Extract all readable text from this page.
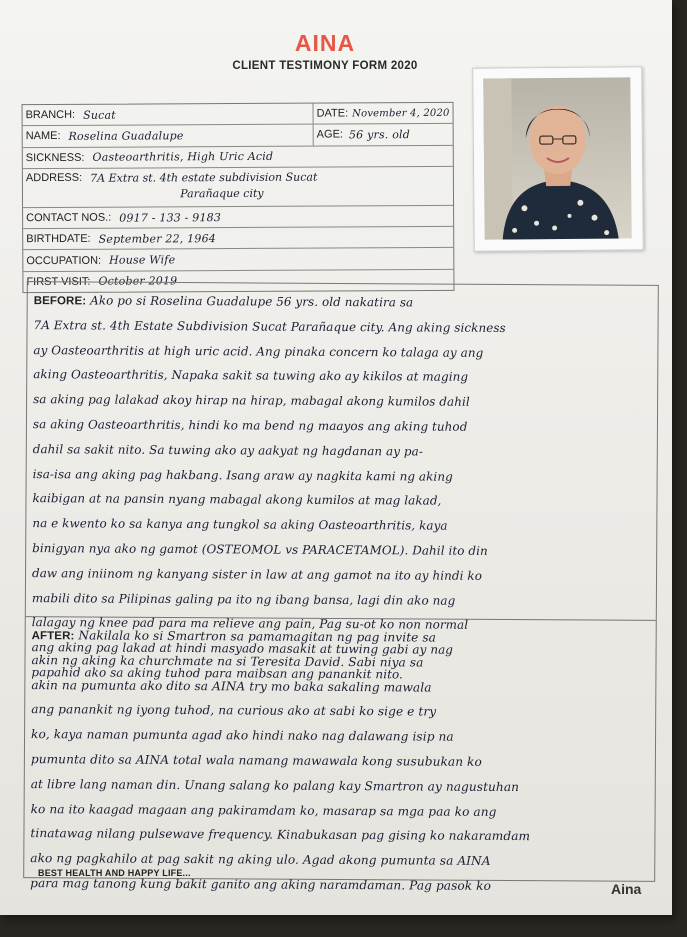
AINA
CLIENT TESTIMONY FORM 2020
BRANCH: Sucat	DATE: November 4, 2020
NAME: Roselina Guadalupe	AGE: 56 yrs. old
SICKNESS: Oasteoarthritis, High Uric Acid
ADDRESS: 7A Extra st. 4th estate subdivision Sucat
Parañaque city
CONTACT NOS.: 0917 - 133 - 9183
BIRTHDATE: September 22, 1964
OCCUPATION: House Wife
FIRST VISIT: October 2019
BEFORE: Ako po si Roselina Guadalupe 56 yrs. old nakatira sa
7A Extra st. 4th Estate Subdivision Sucat Parañaque city. Ang aking sickness
ay Oasteoarthritis at high uric acid. Ang pinaka concern ko talaga ay ang
aking Oasteoarthritis, Napaka sakit sa tuwing ako ay kikilos at maging
sa aking pag lalakad akoy hirap na hirap, mabagal akong kumilos dahil
sa aking Oasteoarthritis, hindi ko ma bend ng maayos ang aking tuhod
dahil sa sakit nito. Sa tuwing ako ay aakyat ng hagdanan ay pa-
isa-isa ang aking pag hakbang. Isang araw ay nagkita kami ng aking
kaibigan at na pansin nyang mabagal akong kumilos at mag lakad,
na e kwento ko sa kanya ang tungkol sa aking Oasteoarthritis, kaya
binigyan nya ako ng gamot (OSTEOMOL vs PARACETAMOL). Dahil ito din
daw ang iniinom ng kanyang sister in law at ang gamot na ito ay hindi ko
mabili dito sa Pilipinas galing pa ito ng ibang bansa, lagi din ako nag
lalagay ng knee pad para ma relieve ang pain, Pag su-ot ko non normal
ang aking pag lakad at hindi masyado masakit at tuwing gabi ay nag
papahid ako sa aking tuhod para maibsan ang panankit nito.
AFTER: Nakilala ko si Smartron sa pamamagitan ng pag invite sa
akin ng aking ka churchmate na si Teresita David. Sabi niya sa
akin na pumunta ako dito sa AINA try mo baka sakaling mawala
ang panankit ng iyong tuhod, na curious ako at sabi ko sige e try
ko, kaya naman pumunta agad ako hindi nako nag dalawang isip na
pumunta dito sa AINA total wala namang mawawala kong susubukan ko
at libre lang naman din. Unang salang ko palang kay Smartron ay nagustuhan
ko na ito kaagad magaan ang pakiramdam ko, masarap sa mga paa ko ang
tinatawag nilang pulsewave frequency. Kinabukasan pag gising ko nakaramdam
ako ng pagkahilo at pag sakit ng aking ulo. Agad akong pumunta sa AINA
para mag tanong kung bakit ganito ang aking naramdaman. Pag pasok ko
BEST HEALTH AND HAPPY LIFE...
Aina
